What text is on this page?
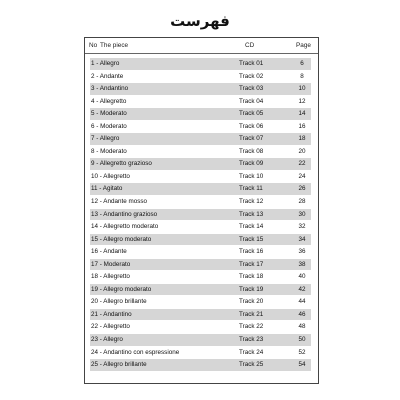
فهرست
No The piece	CD	Page
1 - Allegro	Track 01	6
2 - Andante	Track 02	8
3 - Andantino	Track 03	10
4 - Allegretto	Track 04	12
5 - Moderato	Track 05	14
6 - Moderato	Track 06	16
7 - Allegro	Track 07	18
8 - Moderato	Track 08	20
9 - Allegretto grazioso	Track 09	22
10 - Allegretto	Track 10	24
11 - Agitato	Track 11	26
12 - Andante mosso	Track 12	28
13 - Andantino grazioso	Track 13	30
14 - Allegretto moderato	Track 14	32
15 - Allegro moderato	Track 15	34
16 - Andante	Track 16	36
17 - Moderato	Track 17	38
18 - Allegretto	Track 18	40
19 - Allegro moderato	Track 19	42
20 - Allegro brillante	Track 20	44
21 - Andantino	Track 21	46
22 - Allegretto	Track 22	48
23 - Allegro	Track 23	50
24 - Andantino con espressione	Track 24	52
25 - Allegro brillante	Track 25	54
